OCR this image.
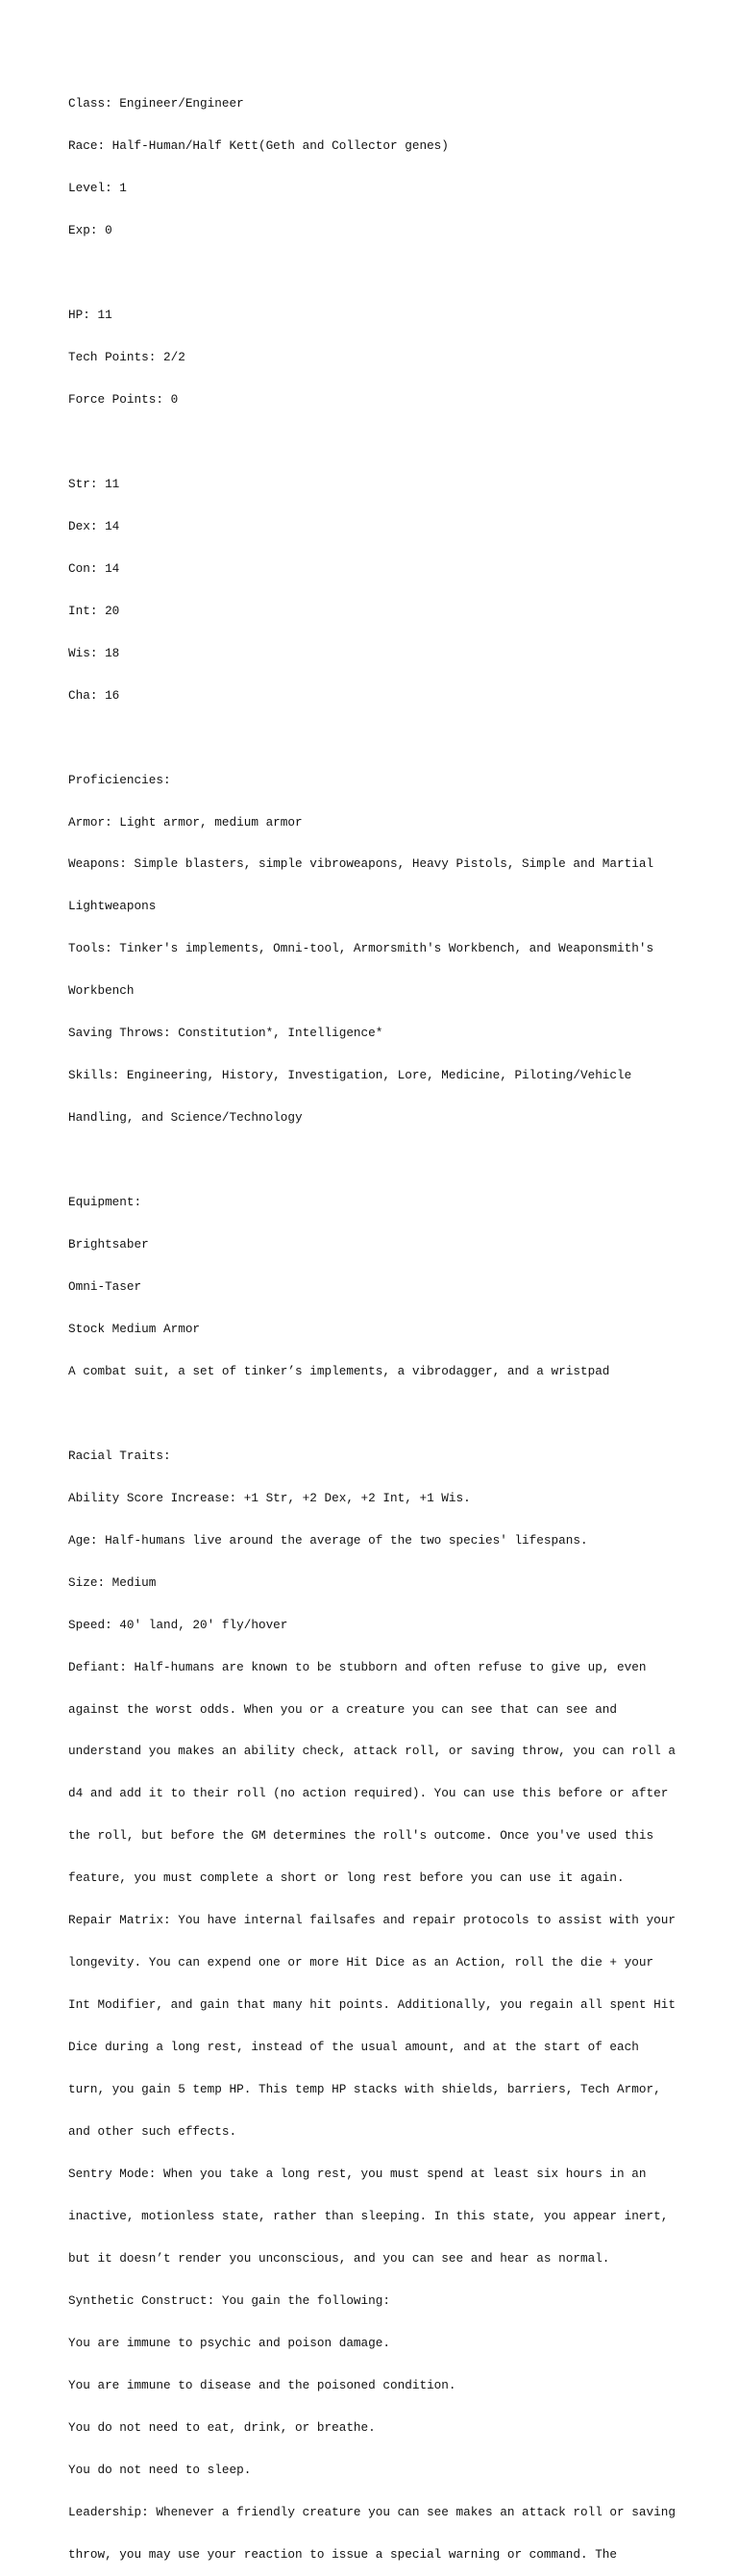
Class: Engineer/Engineer

Race: Half-Human/Half Kett(Geth and Collector genes)

Level: 1

Exp: 0

HP: 11

Tech Points: 2/2

Force Points: 0

Str: 11

Dex: 14

Con: 14

Int: 20

Wis: 18

Cha: 16

Proficiencies:

Armor: Light armor, medium armor

Weapons: Simple blasters, simple vibroweapons, Heavy Pistols, Simple and Martial

Lightweapons

Tools: Tinker's implements, Omni-tool, Armorsmith's Workbench, and Weaponsmith's

Workbench

Saving Throws: Constitution*, Intelligence*

Skills: Engineering, History, Investigation, Lore, Medicine, Piloting/Vehicle

Handling, and Science/Technology

Equipment:

Brightsaber

Omni-Taser

Stock Medium Armor

A combat suit, a set of tinker’s implements, a vibrodagger, and a wristpad

Racial Traits:

Ability Score Increase: +1 Str, +2 Dex, +2 Int, +1 Wis.

Age: Half-humans live around the average of the two species' lifespans.

Size: Medium

Speed: 40' land, 20' fly/hover

Defiant: Half-humans are known to be stubborn and often refuse to give up, even

against the worst odds. When you or a creature you can see that can see and

understand you makes an ability check, attack roll, or saving throw, you can roll a

d4 and add it to their roll (no action required). You can use this before or after

the roll, but before the GM determines the roll's outcome. Once you've used this

feature, you must complete a short or long rest before you can use it again.

Repair Matrix: You have internal failsafes and repair protocols to assist with your

longevity. You can expend one or more Hit Dice as an Action, roll the die + your

Int Modifier, and gain that many hit points. Additionally, you regain all spent Hit

Dice during a long rest, instead of the usual amount, and at the start of each

turn, you gain 5 temp HP. This temp HP stacks with shields, barriers, Tech Armor,

and other such effects.

Sentry Mode: When you take a long rest, you must spend at least six hours in an

inactive, motionless state, rather than sleeping. In this state, you appear inert,

but it doesn’t render you unconscious, and you can see and hear as normal.

Synthetic Construct: You gain the following:

You are immune to psychic and poison damage.

You are immune to disease and the poisoned condition.

You do not need to eat, drink, or breathe.

You do not need to sleep.

Leadership: Whenever a friendly creature you can see makes an attack roll or saving

throw, you may use your reaction to issue a special warning or command. The
